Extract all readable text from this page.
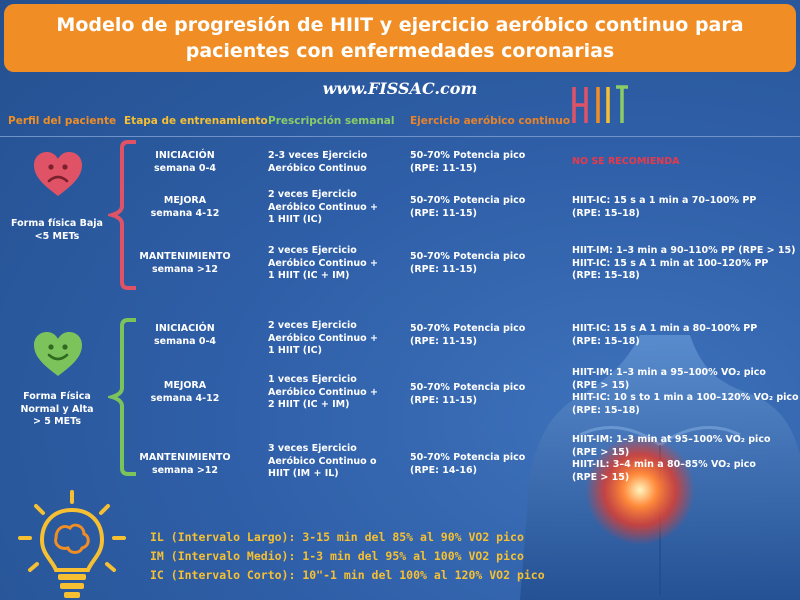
Modelo de progresión de HIIT y ejercicio aeróbico continuo para
pacientes con enfermedades coronarias
www.FISSAC.com
Perfil del paciente Etapa de entrenamiento Prescripción semanal Ejercicio aeróbico continuo
Forma física Baja
<5 METs
INICIACIÓN
semana 0-4
2-3 veces Ejercicio
Aeróbico Continuo
50-70% Potencia pico
(RPE: 11-15)
NO SE RECOMIENDA
MEJORA
semana 4-12
2 veces Ejercicio
Aeróbico Continuo +
1 HIIT (IC)
50-70% Potencia pico
(RPE: 11-15)
HIIT-IC: 15 s a 1 min a 70–100% PP
(RPE: 15–18)
MANTENIMIENTO
semana >12
2 veces Ejercicio
Aeróbico Continuo +
1 HIIT (IC + IM)
50-70% Potencia pico
(RPE: 11-15)
HIIT-IM: 1–3 min a 90–110% PP (RPE > 15)
HIIT-IC: 15 s A 1 min at 100–120% PP
(RPE: 15–18)
Forma Física
Normal y Alta
> 5 METs
INICIACIÓN
semana 0-4
2 veces Ejercicio
Aeróbico Continuo +
1 HIIT (IC)
50-70% Potencia pico
(RPE: 11-15)
HIIT-IC: 15 s A 1 min a 80–100% PP
(RPE: 15–18)
MEJORA
semana 4-12
1 veces Ejercicio
Aeróbico Continuo +
2 HIIT (IC + IM)
50-70% Potencia pico
(RPE: 11-15)
HIIT-IM: 1–3 min a 95–100% VO₂ pico
(RPE > 15)
HIIT-IC: 10 s to 1 min a 100–120% VO₂ pico
(RPE: 15–18)
MANTENIMIENTO
semana >12
3 veces Ejercicio
Aeróbico Continuo o
HIIT (IM + IL)
50-70% Potencia pico
(RPE: 14-16)
HIIT-IM: 1–3 min at 95–100% VO₂ pico
(RPE > 15)
HIIT-IL: 3–4 min a 80–85% VO₂ pico
(RPE > 15)
IL (Intervalo Largo): 3-15 min del 85% al 90% VO2 pico
IM (Intervalo Medio): 1-3 min del 95% al 100% VO2 pico
IC (Intervalo Corto): 10"-1 min del 100% al 120% VO2 pico
